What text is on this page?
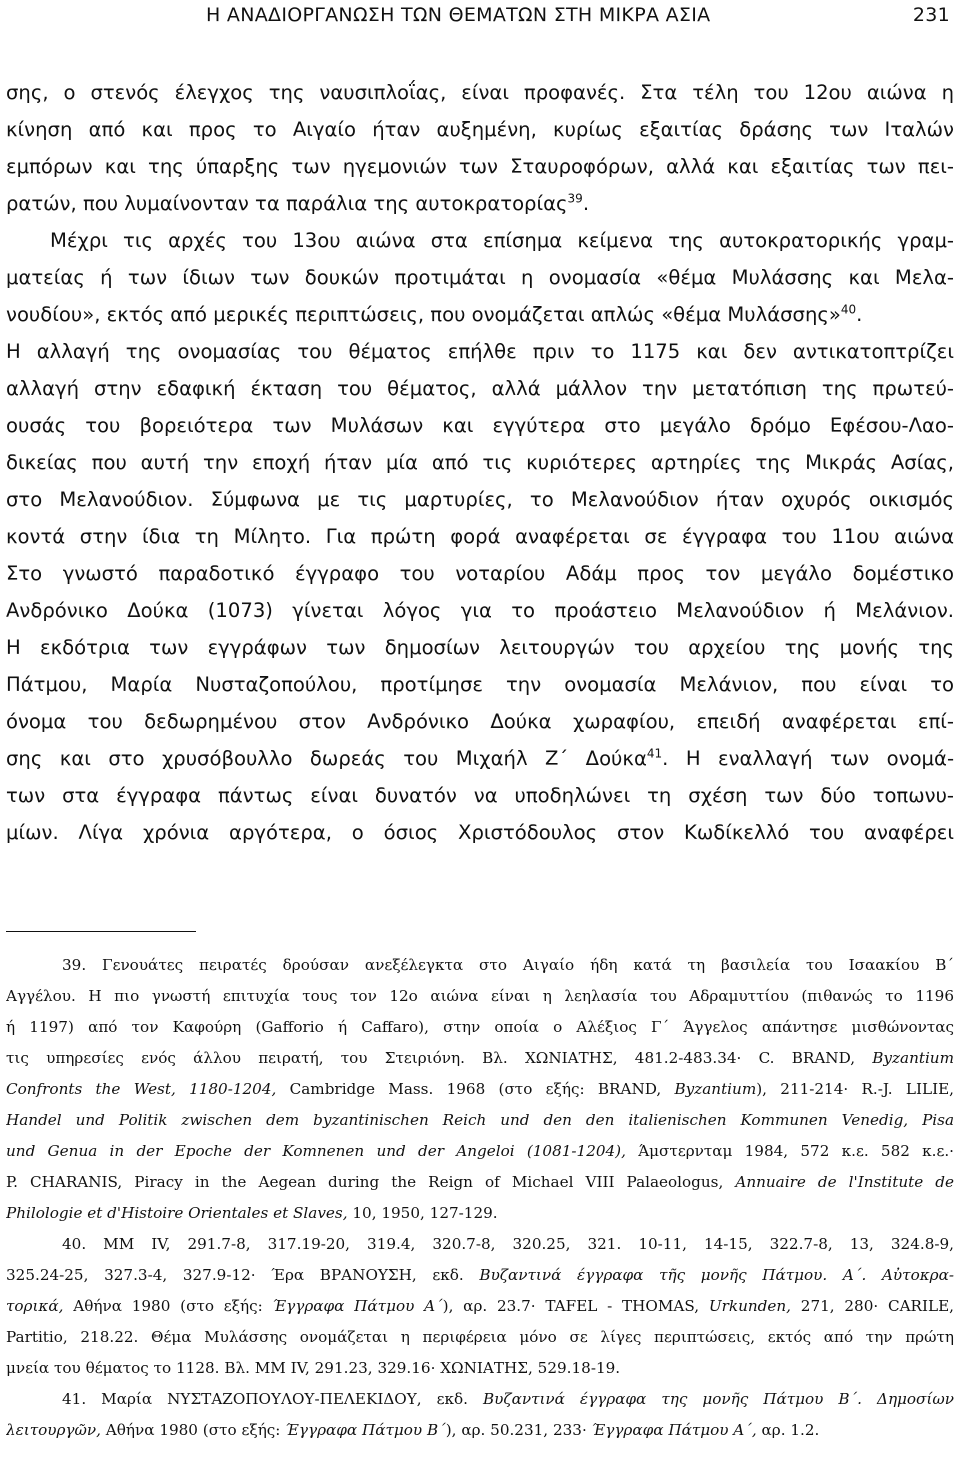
Η ΑΝΑΔΙΟΡΓΑΝΩΣΗ ΤΩΝ ΘΕΜΑΤΩΝ ΣΤΗ ΜΙΚΡΑ ΑΣΙΑ	231
σης, ο στενός έλεγχος της ναυσιπλοΐας, είναι προφανές. Στα τέλη του 12ου αιώνα η
κίνηση από και προς το Αιγαίο ήταν αυξημένη, κυρίως εξαιτίας δράσης των Ιταλών
εμπόρων και της ύπαρξης των ηγεμονιών των Σταυροφόρων, αλλά και εξαιτίας των πει-
ρατών, που λυμαίνονταν τα παράλια της αυτοκρατορίας$^{39}$.
Μέχρι τις αρχές του 13ου αιώνα στα επίσημα κείμενα της αυτοκρατορικής γραμ-
ματείας ή των ίδιων των δουκών προτιμάται η ονομασία «θέμα Μυλάσσης και Μελα-
νουδίου», εκτός από μερικές περιπτώσεις, που ονομάζεται απλώς «θέμα Μυλάσσης»$^{40}$.
Η αλλαγή της ονομασίας του θέματος επήλθε πριν το 1175 και δεν αντικατοπτρίζει
αλλαγή στην εδαφική έκταση του θέματος, αλλά μάλλον την μετατόπιση της πρωτεύ-
ουσάς του βορειότερα των Μυλάσων και εγγύτερα στο μεγάλο δρόμο Εφέσου-Λαο-
δικείας που αυτή την εποχή ήταν μία από τις κυριότερες αρτηρίες της Μικράς Ασίας,
στο Μελανούδιον. Σύμφωνα με τις μαρτυρίες, το Μελανούδιον ήταν οχυρός οικισμός
κοντά στην ίδια τη Μίλητο. Για πρώτη φορά αναφέρεται σε έγγραφα του 11ου αιώνα
Στο γνωστό παραδοτικό έγγραφο του νοταρίου Αδάμ προς τον μεγάλο δομέστικο
Ανδρόνικο Δούκα (1073) γίνεται λόγος για το προάστειο Μελανούδιον ή Μελάνιον.
Η εκδότρια των εγγράφων των δημοσίων λειτουργών του αρχείου της μονής της
Πάτμου, Μαρία Νυσταζοπούλου, προτίμησε την ονομασία Μελάνιον, που είναι το
όνομα του δεδωρημένου στον Ανδρόνικο Δούκα χωραφίου, επειδή αναφέρεται επί-
σης και στο χρυσόβουλλο δωρεάς του Μιχαήλ Ζ΄ Δούκα$^{41}$. Η εναλλαγή των ονομά-
των στα έγγραφα πάντως είναι δυνατόν να υποδηλώνει τη σχέση των δύο τοπωνυ-
μίων. Λίγα χρόνια αργότερα, ο όσιος Χριστόδουλος στον Κωδίκελλό του αναφέρει
39. Γενουάτες πειρατές δρούσαν ανεξέλεγκτα στο Αιγαίο ήδη κατά τη βασιλεία του Ισαακίου Β΄
Αγγέλου. Η πιο γνωστή επιτυχία τους τον 12ο αιώνα είναι η λεηλασία του Αδραμυττίου (πιθανώς το 1196
ή 1197) από τον Καφούρη (Gafforio ή Caffaro), στην οποία ο Αλέξιος Γ΄ Άγγελος απάντησε μισθώνοντας
τις υπηρεσίες ενός άλλου πειρατή, του Στειριόνη. Βλ. ΧΩΝΙΑΤΗΣ, 481.2-483.34· C. BRAND, Byzantium
Confronts the West, 1180-1204, Cambridge Mass. 1968 (στο εξής: BRAND, Byzantium), 211-214· R.-J. LILIE,
Handel und Politik zwischen dem byzantinischen Reich und den den italienischen Kommunen Venedig, Pisa
und Genua in der Epoche der Komnenen und der Angeloi (1081-1204), Άμστερνταμ 1984, 572 κ.ε. 582 κ.ε.·
P. CHARANIS, Piracy in the Aegean during the Reign of Michael VIII Palaeologus, Annuaire de l'Institute de
Philologie et d'Histoire Orientales et Slaves, 10, 1950, 127-129.
40. MM IV, 291.7-8, 317.19-20, 319.4, 320.7-8, 320.25, 321. 10-11, 14-15, 322.7-8, 13, 324.8-9,
325.24-25, 327.3-4, 327.9-12· Έρα ΒΡΑΝΟΥΣΗ, εκδ. Βυζαντινά έγγραφα τῆς μονῆς Πάτμου. Α΄. Αὐτοκρα-
τορικά, Αθήνα 1980 (στο εξής: Έγγραφα Πάτμου Α΄), αρ. 23.7· TAFEL - THOMAS, Urkunden, 271, 280· CARILE,
Partitio, 218.22. Θέμα Μυλάσσης ονομάζεται η περιφέρεια μόνο σε λίγες περιπτώσεις, εκτός από την πρώτη
μνεία του θέματος το 1128. Βλ. MM IV, 291.23, 329.16· ΧΩΝΙΑΤΗΣ, 529.18-19.
41. Μαρία ΝΥΣΤΑΖΟΠΟΥΛΟΥ-ΠΕΛΕΚΙΔΟΥ, εκδ. Βυζαντινά έγγραφα της μονῆς Πάτμου Β΄. Δημοσίων
λειτουργῶν, Αθήνα 1980 (στο εξής: Έγγραφα Πάτμου Β΄), αρ. 50.231, 233· Έγγραφα Πάτμου Α΄, αρ. 1.2.
